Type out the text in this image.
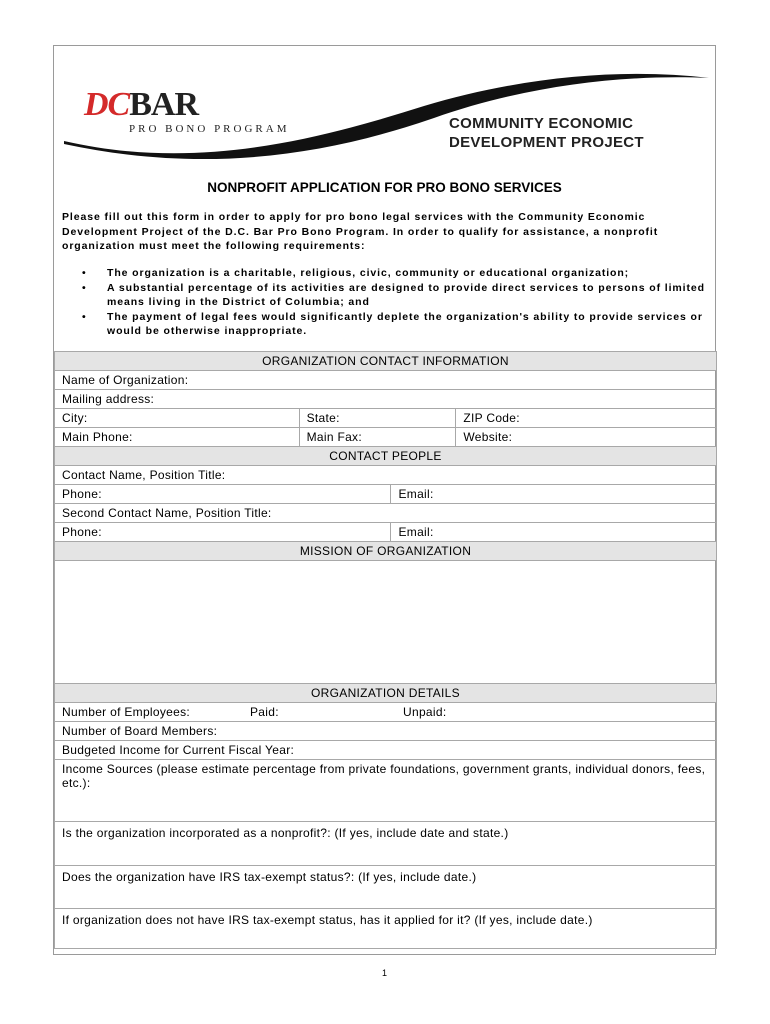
DCBAR
PRO BONO PROGRAM	COMMUNITY ECONOMIC
DEVELOPMENT PROJECT
NONPROFIT APPLICATION FOR PRO BONO SERVICES
Please fill out this form in order to apply for pro bono legal services with the Community Economic Development Project of the D.C. Bar Pro Bono Program. In order to qualify for assistance, a nonprofit organization must meet the following requirements:
• The organization is a charitable, religious, civic, community or educational organization;
• A substantial percentage of its activities are designed to provide direct services to persons of limited means living in the District of Columbia; and
• The payment of legal fees would significantly deplete the organization's ability to provide services or would be otherwise inappropriate.
ORGANIZATION CONTACT INFORMATION			
Name of Organization:			
Mailing address:			
City:	State:		ZIP Code:
Main Phone:	Main Fax:		Website:
CONTACT PEOPLE			
Contact Name, Position Title:			
Phone:		Email:	
Second Contact Name, Position Title:			
Phone:		Email:	
MISSION OF ORGANIZATION			

ORGANIZATION DETAILS			
Number of Employees: Paid: Unpaid:			
Number of Board Members:			
Budgeted Income for Current Fiscal Year:			
Income Sources (please estimate percentage from private foundations, government grants, individual donors, fees, etc.):			
Is the organization incorporated as a nonprofit?: (If yes, include date and state.)			
Does the organization have IRS tax-exempt status?: (If yes, include date.)			
If organization does not have IRS tax-exempt status, has it applied for it? (If yes, include date.)			
1
